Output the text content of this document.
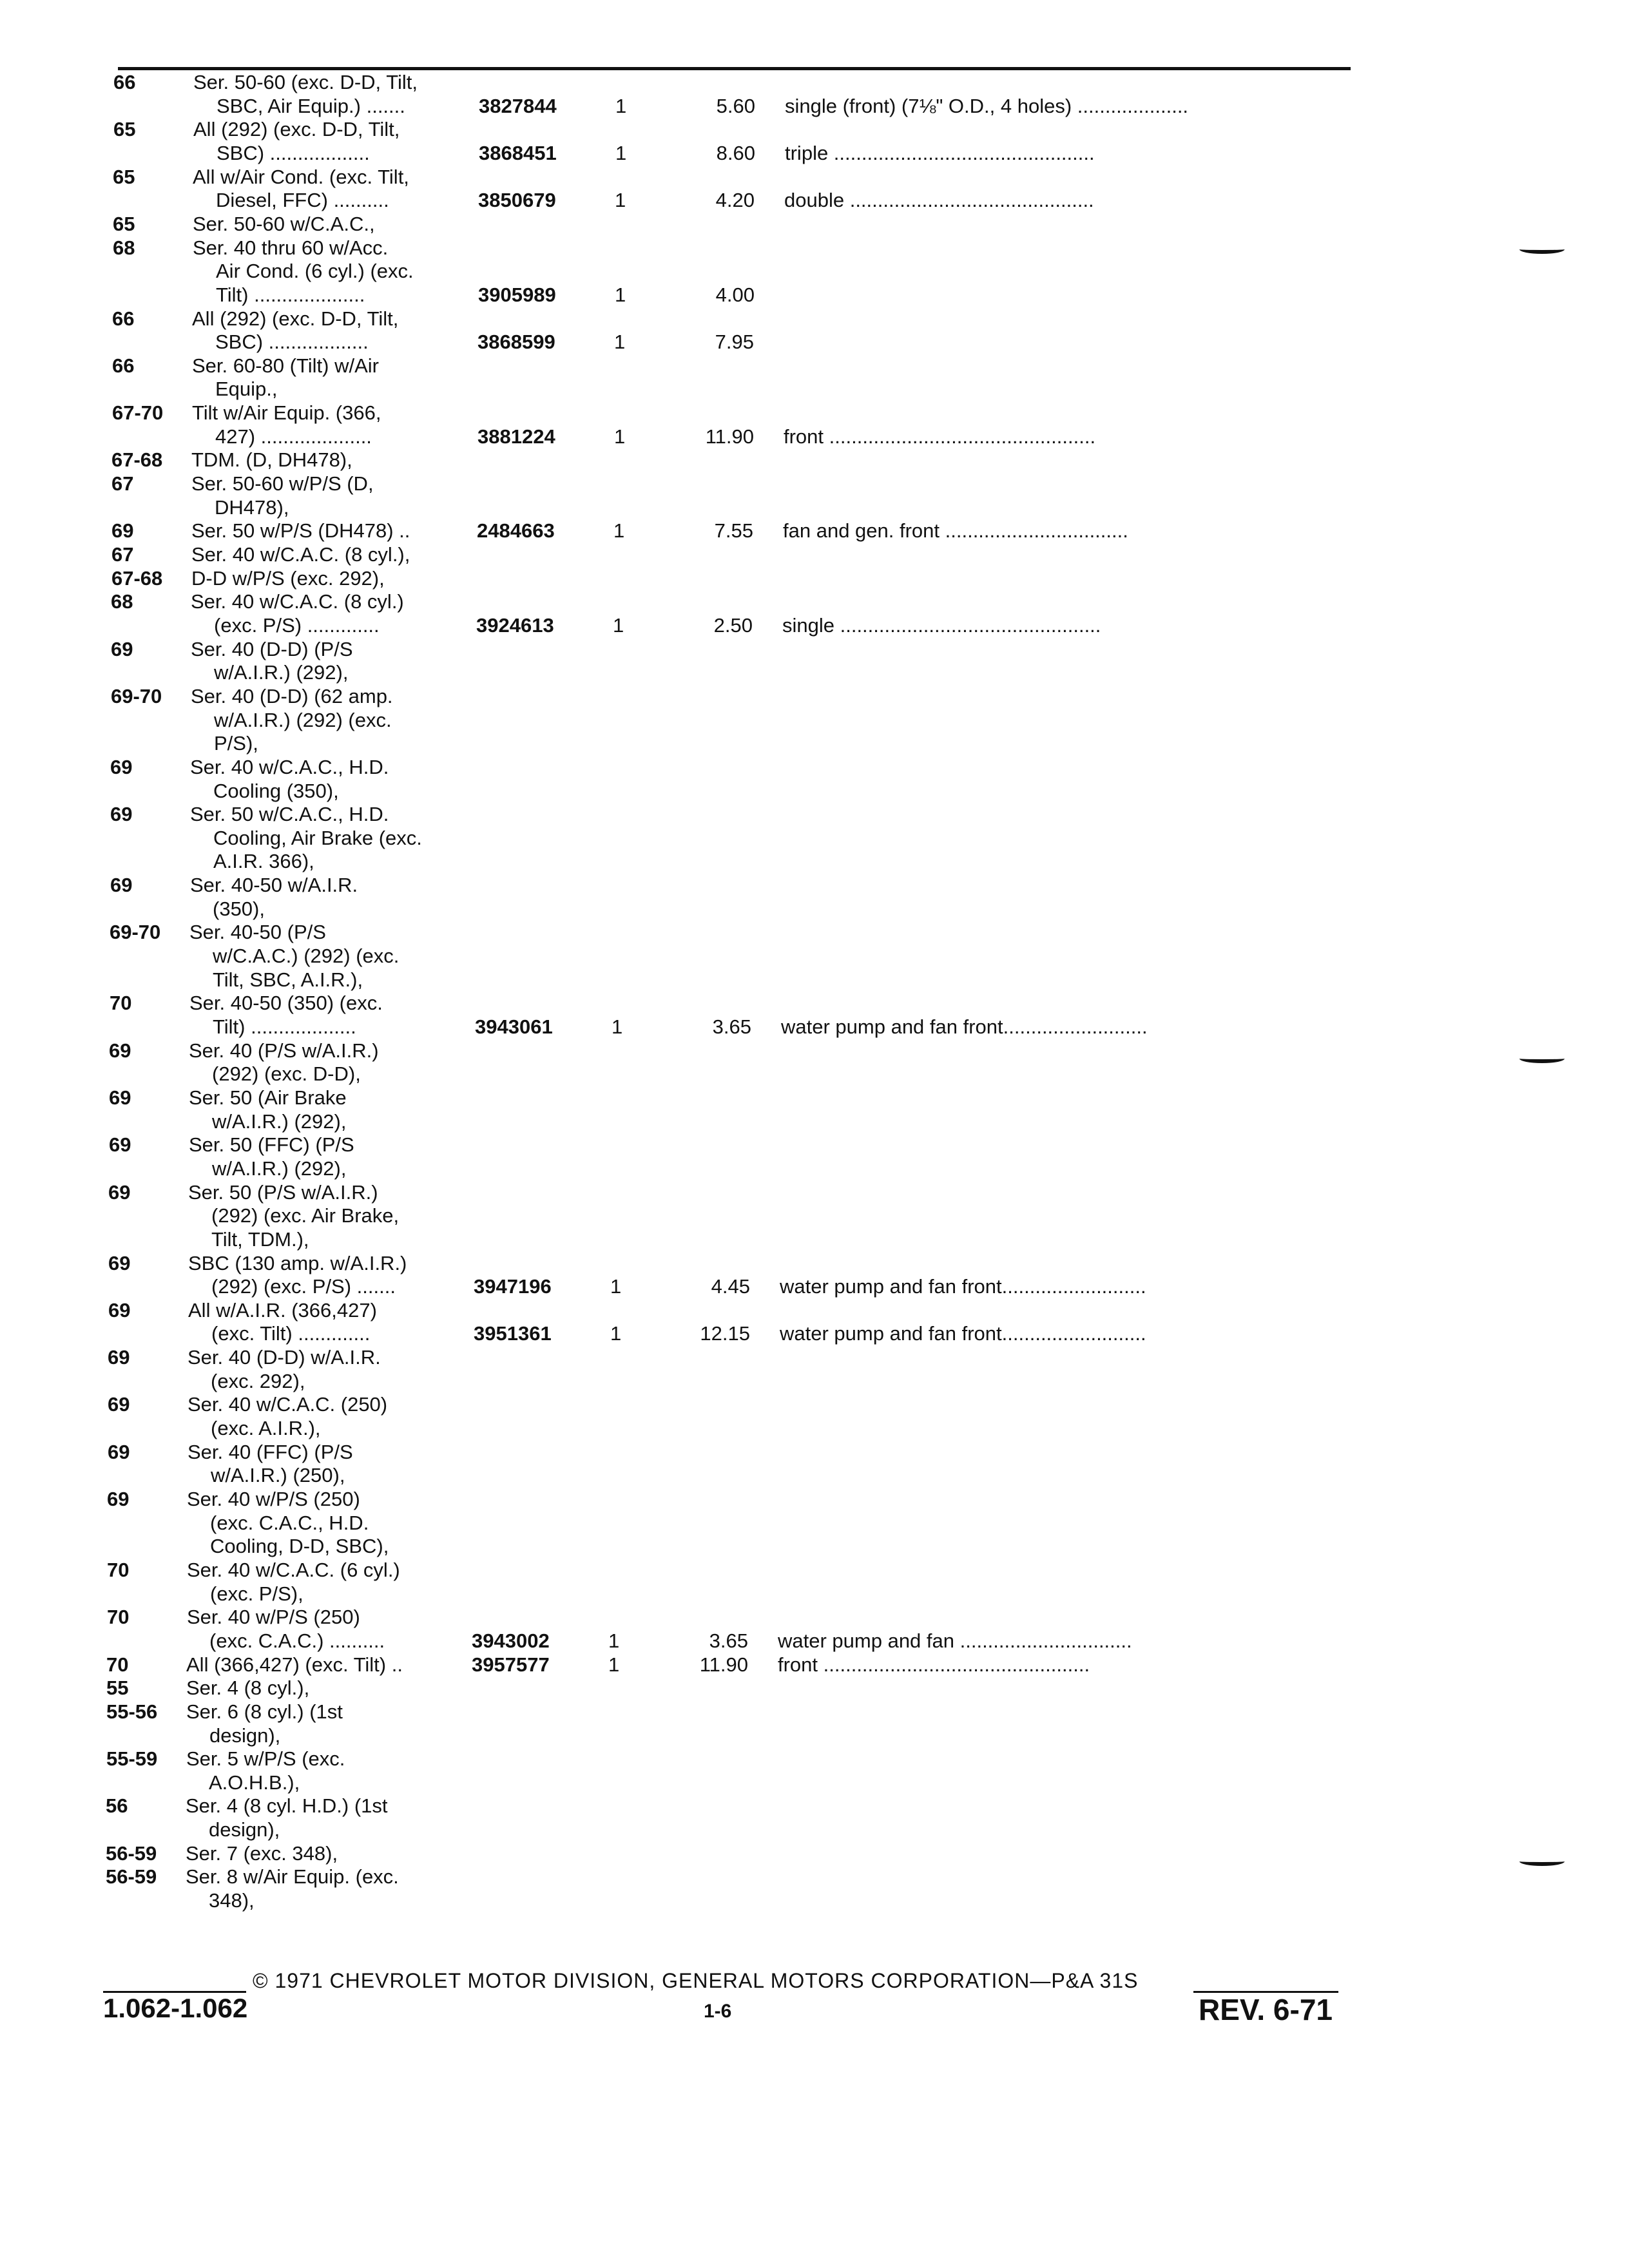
66	Ser. 50-60 (exc. D-D, Tilt,
SBC, Air Equip.) .......	3827844	1	5.60 single (front) (7⅛" O.D., 4 holes) ....................
65	All (292) (exc. D-D, Tilt,
SBC) ..................	3868451	1	8.60 triple ...............................................
65	All w/Air Cond. (exc. Tilt,
Diesel, FFC) ..........	3850679	1	4.20 double ............................................
65	Ser. 50-60 w/C.A.C.,
68	Ser. 40 thru 60 w/Acc.
Air Cond. (6 cyl.) (exc.
Tilt) ....................	3905989	1	4.00
66	All (292) (exc. D-D, Tilt,
SBC) ..................	3868599	1	7.95
66	Ser. 60-80 (Tilt) w/Air
Equip.,
67-70	Tilt w/Air Equip. (366,
427) ....................	3881224	1	11.90 front ................................................
67-68	TDM. (D, DH478),
67	Ser. 50-60 w/P/S (D,
DH478),
69	Ser. 50 w/P/S (DH478) ..	2484663	1	7.55 fan and gen. front .................................
67	Ser. 40 w/C.A.C. (8 cyl.),
67-68	D-D w/P/S (exc. 292),
68	Ser. 40 w/C.A.C. (8 cyl.)
(exc. P/S) .............	3924613	1	2.50 single ...............................................
69	Ser. 40 (D-D) (P/S
w/A.I.R.) (292),
69-70	Ser. 40 (D-D) (62 amp.
w/A.I.R.) (292) (exc.
P/S),
69	Ser. 40 w/C.A.C., H.D.
Cooling (350),
69	Ser. 50 w/C.A.C., H.D.
Cooling, Air Brake (exc.
A.I.R. 366),
69	Ser. 40-50 w/A.I.R.
(350),
69-70	Ser. 40-50 (P/S
w/C.A.C.) (292) (exc.
Tilt, SBC, A.I.R.),
70	Ser. 40-50 (350) (exc.
Tilt) ...................	3943061	1	3.65 water pump and fan front..........................
69	Ser. 40 (P/S w/A.I.R.)
(292) (exc. D-D),
69	Ser. 50 (Air Brake
w/A.I.R.) (292),
69	Ser. 50 (FFC) (P/S
w/A.I.R.) (292),
69	Ser. 50 (P/S w/A.I.R.)
(292) (exc. Air Brake,
Tilt, TDM.),
69	SBC (130 amp. w/A.I.R.)
(292) (exc. P/S) .......	3947196	1	4.45 water pump and fan front..........................
69	All w/A.I.R. (366,427)
(exc. Tilt) .............	3951361	1	12.15 water pump and fan front..........................
69	Ser. 40 (D-D) w/A.I.R.
(exc. 292),
69	Ser. 40 w/C.A.C. (250)
(exc. A.I.R.),
69	Ser. 40 (FFC) (P/S
w/A.I.R.) (250),
69	Ser. 40 w/P/S (250)
(exc. C.A.C., H.D.
Cooling, D-D, SBC),
70	Ser. 40 w/C.A.C. (6 cyl.)
(exc. P/S),
70	Ser. 40 w/P/S (250)
(exc. C.A.C.) ..........	3943002	1	3.65 water pump and fan ...............................
70	All (366,427) (exc. Tilt) ..	3957577	1	11.90 front ................................................
55	Ser. 4 (8 cyl.),
55-56	Ser. 6 (8 cyl.) (1st
design),
55-59	Ser. 5 w/P/S (exc.
A.O.H.B.),
56	Ser. 4 (8 cyl. H.D.) (1st
design),
56-59	Ser. 7 (exc. 348),
56-59	Ser. 8 w/Air Equip. (exc.
348),
© 1971 CHEVROLET MOTOR DIVISION, GENERAL MOTORS CORPORATION—P&A 31S
1.062-1.062	1-6	REV. 6-71
